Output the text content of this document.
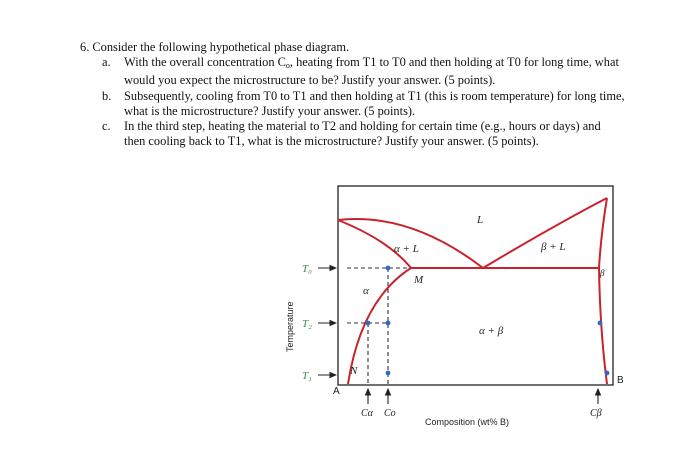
6. Consider the following hypothetical phase diagram.

a. With the overall concentration $C_o$, heating from T1 to T0 and then holding at T0 for long time, what would you expect the microstructure to be? Justify your answer. (5 points).
b. Subsequently, cooling from T0 to T1 and then holding at T1 (this is room temperature) for long time, what is the microstructure? Justify your answer. (5 points).
c. In the third step, heating the material to T2 and holding for certain time (e.g., hours or days) and then cooling back to T1, what is the microstructure? Justify your answer. (5 points).
L
α + L	β + L
α
β
α + β
M
N
T₀
T₂
T₁
A
B
Cα Co	Cβ
Composition (wt% B)
Temperature
